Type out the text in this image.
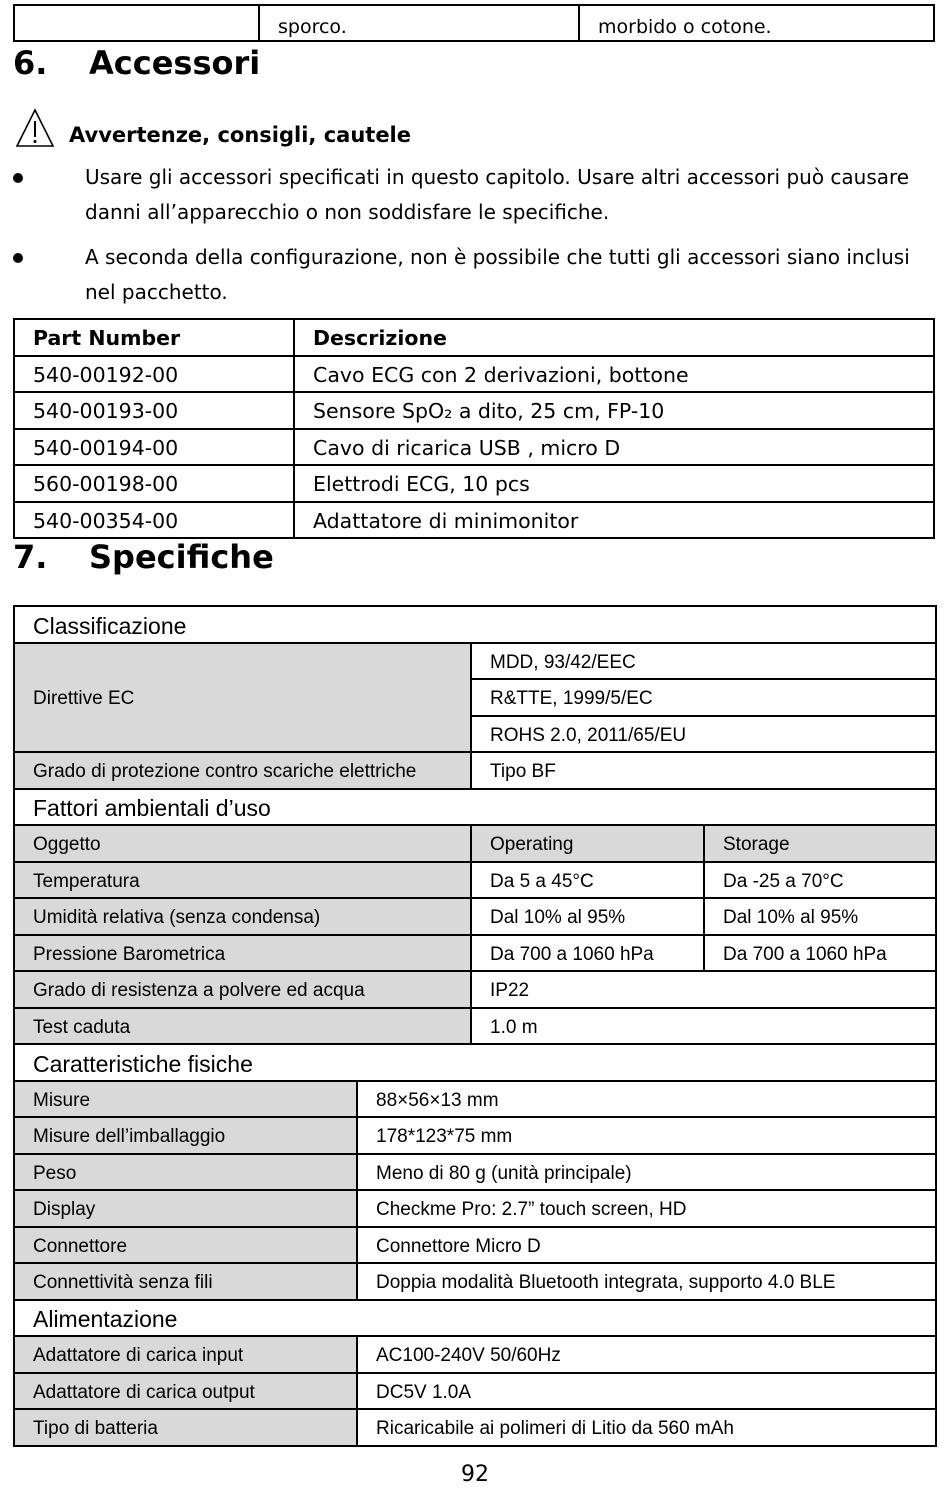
	sporco.	morbido o cotone.
6. Accessori
Avvertenze, consigli, cautele
Usare gli accessori specificati in questo capitolo. Usare altri accessori può causare danni all’apparecchio o non soddisfare le specifiche.
A seconda della configurazione, non è possibile che tutti gli accessori siano inclusi nel pacchetto.
Part Number	Descrizione
540-00192-00	Cavo ECG con 2 derivazioni, bottone
540-00193-00	Sensore SpO₂ a dito, 25 cm, FP-10
540-00194-00	Cavo di ricarica USB , micro D
560-00198-00	Elettrodi ECG, 10 pcs
540-00354-00	Adattatore di minimonitor
7. Specifiche
Classificazione			
Direttive EC		MDD, 93/42/EEC	
		R&TTE, 1999/5/EC	
		ROHS 2.0, 2011/65/EU	
Grado di protezione contro scariche elettriche		Tipo BF	
Fattori ambientali d’uso			
Oggetto		Operating	Storage
Temperatura		Da 5 a 45°C	Da -25 a 70°C
Umidità relativa (senza condensa)		Dal 10% al 95%	Dal 10% al 95%
Pressione Barometrica		Da 700 a 1060 hPa	Da 700 a 1060 hPa
Grado di resistenza a polvere ed acqua		IP22	
Test caduta		1.0 m	
Caratteristiche fisiche			
Misure	88×56×13 mm		
Misure dell’imballaggio	178*123*75 mm		
Peso	Meno di 80 g (unità principale)		
Display	Checkme Pro: 2.7” touch screen, HD		
Connettore	Connettore Micro D		
Connettività senza fili	Doppia modalità Bluetooth integrata, supporto 4.0 BLE		
Alimentazione			
Adattatore di carica input	AC100-240V 50/60Hz		
Adattatore di carica output	DC5V 1.0A		
Tipo di batteria	Ricaricabile ai polimeri di Litio da 560 mAh		
92
